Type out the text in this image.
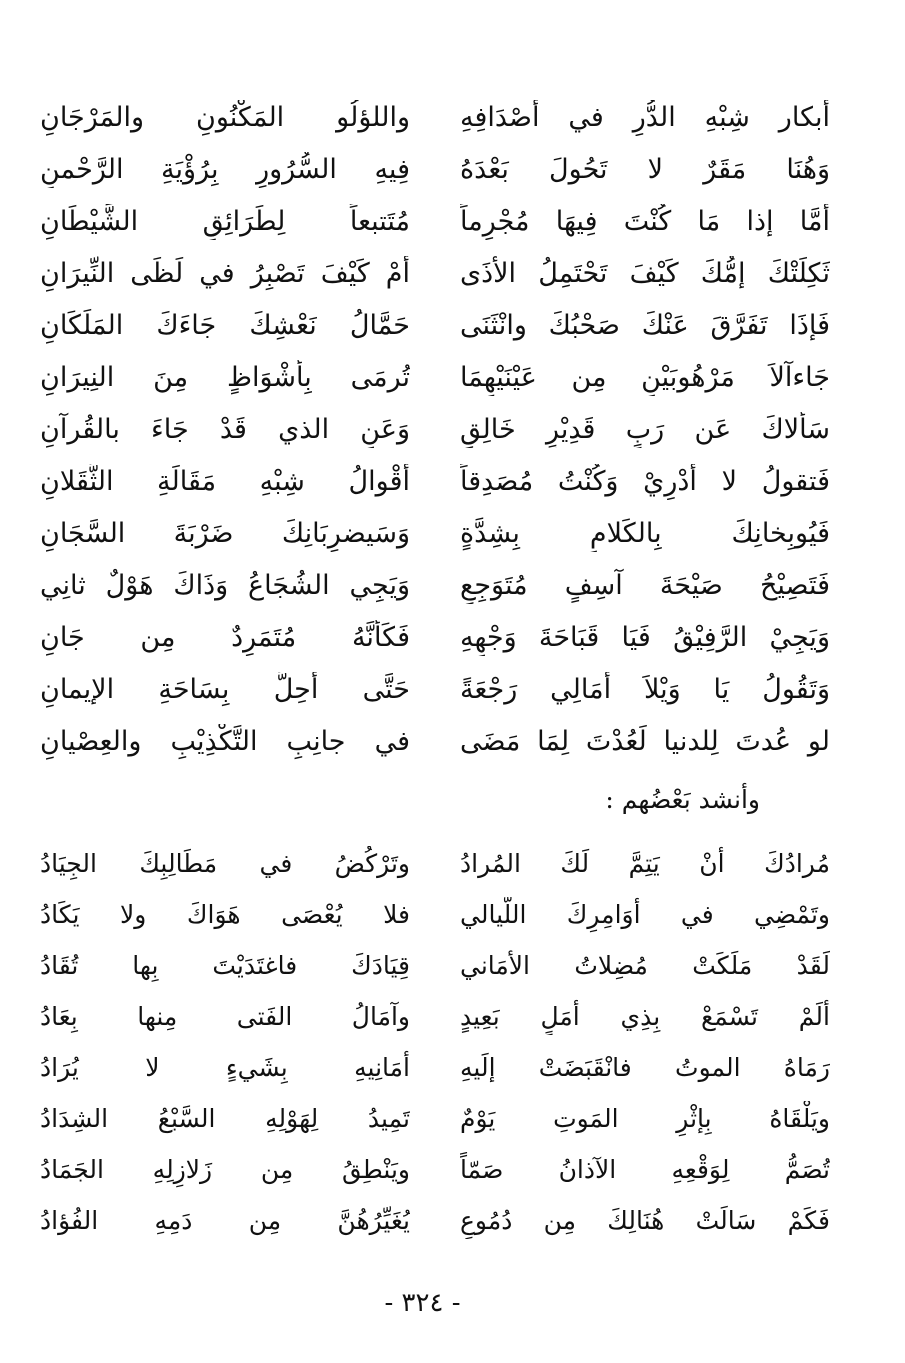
أبكار شِبْهِ الدُّرِ في أصْدَافِهِ
واللؤلُو المَكْنُونِ والمَرْجَانِ
وَهُنَا مَقَرٌ لا تَحُولَ بَعْدَهُ
فِيهِ السُّرُورِ بِرُؤْيَةِ الرَّحْمنِ
أمَّا إذا مَا كُنْتَ فِيهَا مُجْرِماً
مُتَتبعاً لِطَرَائِقِ الشَّيْطَانِ
ثَكِلَتْكَ إمُّكَ كَيْفَ تَحْتَمِلُ الأذَى
أمْ كَيْفَ تَصْبِرُ في لَظَى النِّيرَانِ
فَإذَا تَفَرَّقَ عَنْكَ صَحْبُكَ وانْثَنَى
حَمَّالُ نَعْشِكَ جَاءَكَ المَلَكَانِ
جَاءآلاَ مَرْهُوبَيْنِ مِن عَيْنَيْهِمَا
تُرمَى بِأشْوَاظٍ مِنَ النِيرَانِ
سَألاكَ عَن رَبٍ قَدِيْرٍ خَالِقٍ
وَعَنِ الذي قَدْ جَاءَ بالقُرآنِ
فَتقولُ لا أدْرِيْ وَكُنْتُ مُصَدِقاً
أقْوالُ شِبْهِ مَقَالَةِ الثَّقَلانِ
فَيُوبِخانِكَ بِالكَلامِ بِشِدَّةٍ
وَسَيضرِبَانِكَ ضَرْبَةَ السَّجَانِ
فَتَصِيْحُ صَيْحَةَ آسِفٍ مُتَوَجِعٍ
وَيَجِي الشُجَاعُ وَذَاكَ هَوْلٌ ثانِي
وَيَجِيْ الرَّفِيْقُ فَيَا قَبَاحَةَ وَجْهِهِ
فَكَأنَّهُ مُتَمَرِدٌ مِن جَانِ
وَتَقُولُ يَا وَيْلاَ أمَالِي رَجْعَةً
حَتَّى أحِلَّ بِسَاحَةِ الإيمانِ
لو عُدتَ لِلدنيا لَعُدْتَ لِمَا مَضَى
في جانِبِ التَّكْذِيْبِ والعِصْيانِ
وأنشد بَعْضُهم :
مُرادُكَ أنْ يَتِمَّ لَكَ المُرادُ
وتَرْكُضُ في مَطَالِبِكَ الجِيَادُ
وتَمْضِي في أوَامِرِكَ اللَّيالي
فلا يُعْصَى هَوَاكَ ولا يَكَادُ
لَقَدْ مَلَكَتْ مُضِلاتُ الأمَاني
قِيَادَكَ فاغتَدَيْتَ بِها تُقَادُ
ألَمْ تَسْمَعْ بِذِي أمَلٍ بَعِيدٍ
وآمَالُ الفَتى مِنها بِعَادُ
رَمَاهُ الموتُ فانْقَبَضَتْ إلَيهِ
أمَانِيهِ بِشَيءٍ لا يُرَادُ
ويَلْقَاهُ بِإثْرِ المَوتِ يَوْمٌ
تَمِيدُ لِهَوْلِهِ السَّبْعُ الشِدَادُ
تُصَمُّ لِوَقْعِهِ الآذانُ صَمّاً
ويَنْطِقُ مِن زَلازِلِهِ الجَمَادُ
فَكَمْ سَالَتْ هُنَالِكَ مِن دُمُوعٍ
يُغَيِّرُهُنَّ مِن دَمِهِ الفُؤادُ
- ٣٢٤ -
